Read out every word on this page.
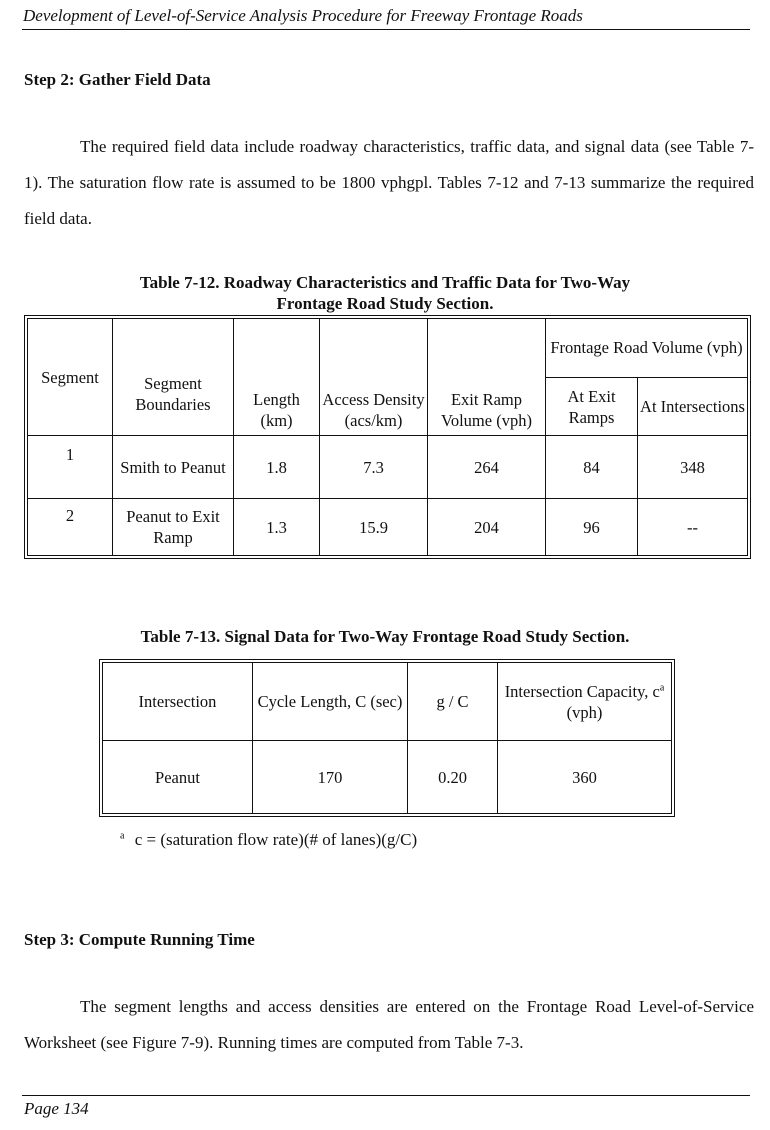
Development of Level-of-Service Analysis Procedure for Freeway Frontage Roads
Step 2: Gather Field Data
The required field data include roadway characteristics, traffic data, and signal data (see Table 7-1). The saturation flow rate is assumed to be 1800 vphgpl. Tables 7-12 and 7-13 summarize the required field data.
Table 7-12. Roadway Characteristics and Traffic Data for Two-Way
Frontage Road Study Section.
Segment	Segment Boundaries	Length (km)	Access Density (acs/km)	Exit Ramp Volume (vph)	Frontage Road Volume (vph)	
					At Exit Ramps	At Intersections
1	Smith to Peanut	1.8	7.3	264	84	348
2	Peanut to Exit Ramp	1.3	15.9	204	96	--
Table 7-13. Signal Data for Two-Way Frontage Road Study Section.
Intersection	Cycle Length, C (sec)	g / C	Intersection Capacity, $c^a$
(vph)
Peanut	170	0.20	360
$^a$ c = (saturation flow rate)(# of lanes)(g/C)
Step 3: Compute Running Time
The segment lengths and access densities are entered on the Frontage Road Level-of-Service Worksheet (see Figure 7-9). Running times are computed from Table 7-3.
Page 134
